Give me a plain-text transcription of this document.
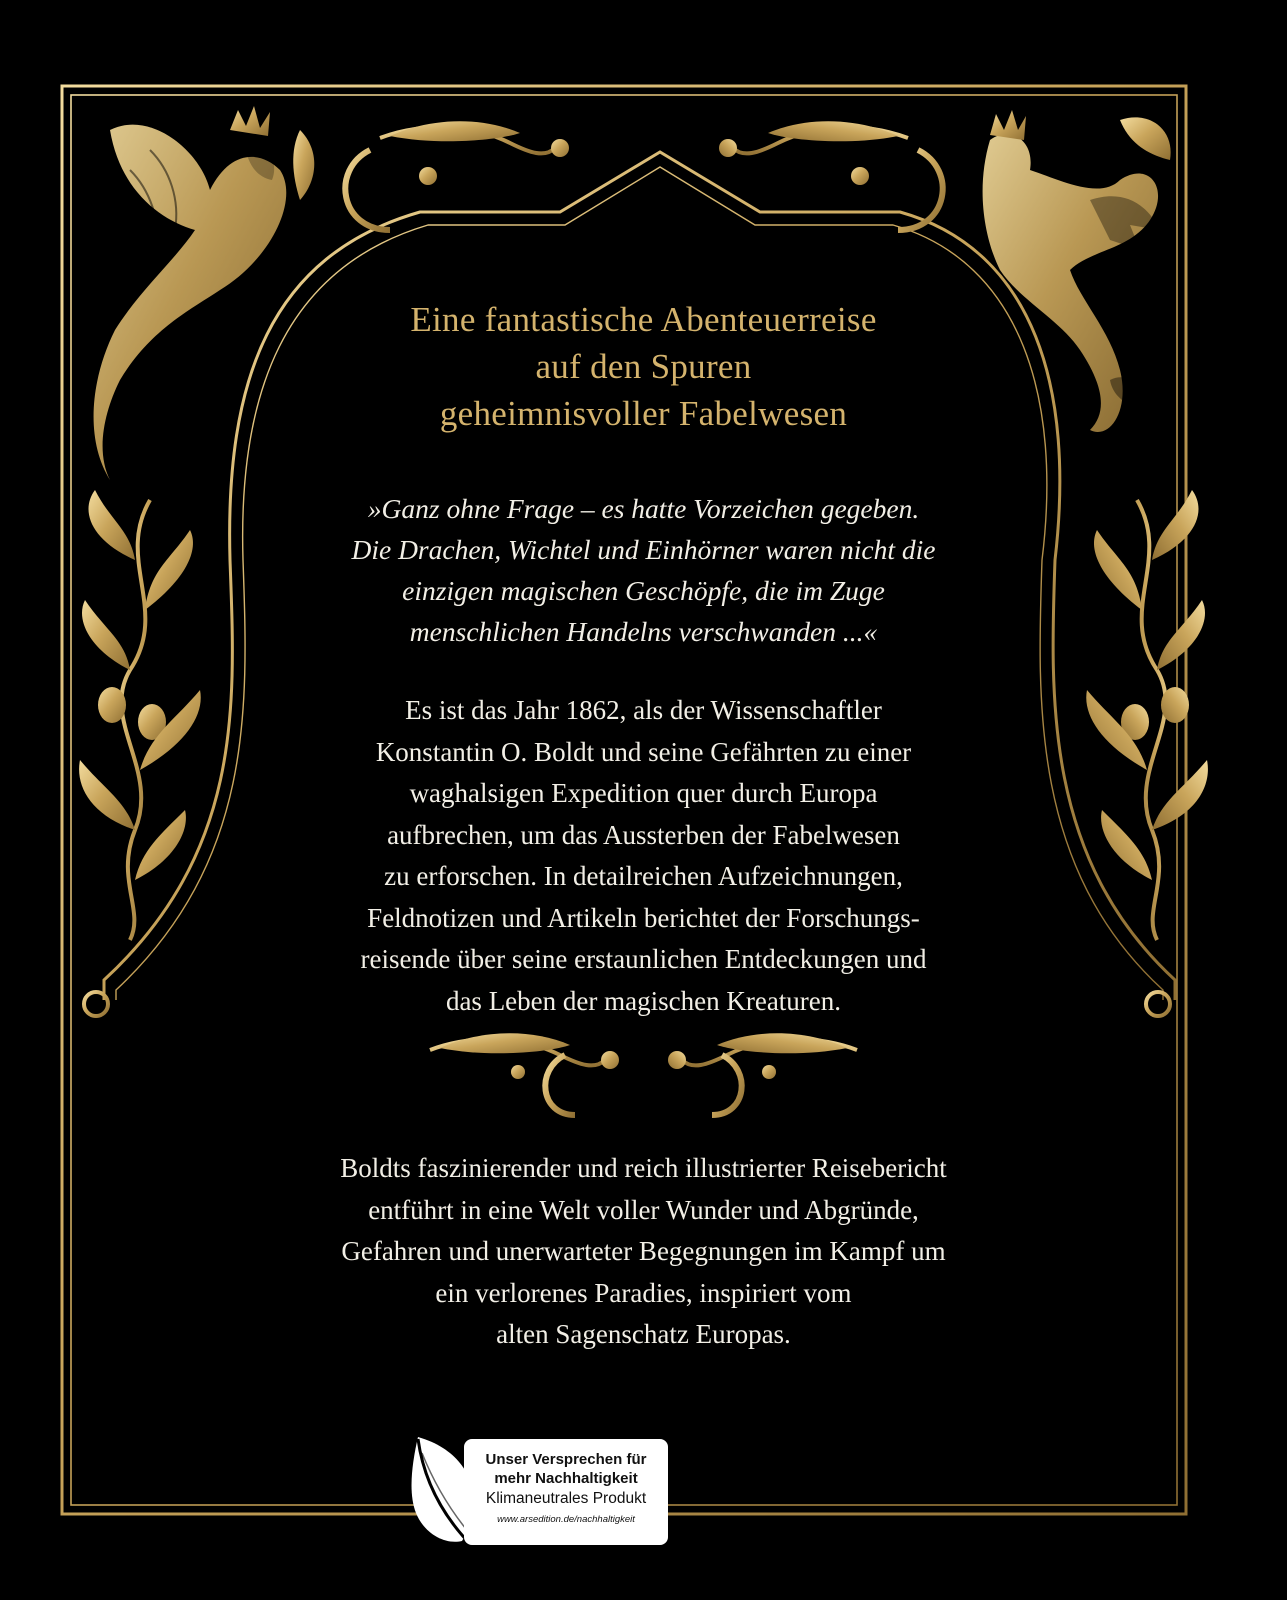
Eine fantastische Abenteuerreise
auf den Spuren
geheimnisvoller Fabelwesen
»Ganz ohne Frage – es hatte Vorzeichen gegeben.
Die Drachen, Wichtel und Einhörner waren nicht die
einzigen magischen Geschöpfe, die im Zuge
menschlichen Handelns verschwanden ...«
Es ist das Jahr 1862, als der Wissenschaftler
Konstantin O. Boldt und seine Gefährten zu einer
waghalsigen Expedition quer durch Europa
aufbrechen, um das Aussterben der Fabelwesen
zu erforschen. In detailreichen Aufzeichnungen,
Feldnotizen und Artikeln berichtet der Forschungs-
reisende über seine erstaunlichen Entdeckungen und
das Leben der magischen Kreaturen.
Boldts faszinierender und reich illustrierter Reisebericht
entführt in eine Welt voller Wunder und Abgründe,
Gefahren und unerwarteter Begegnungen im Kampf um
ein verlorenes Paradies, inspiriert vom
alten Sagenschatz Europas.
Unser Versprechen für
mehr Nachhaltigkeit
Klimaneutrales Produkt
www.arsedition.de/nachhaltigkeit
